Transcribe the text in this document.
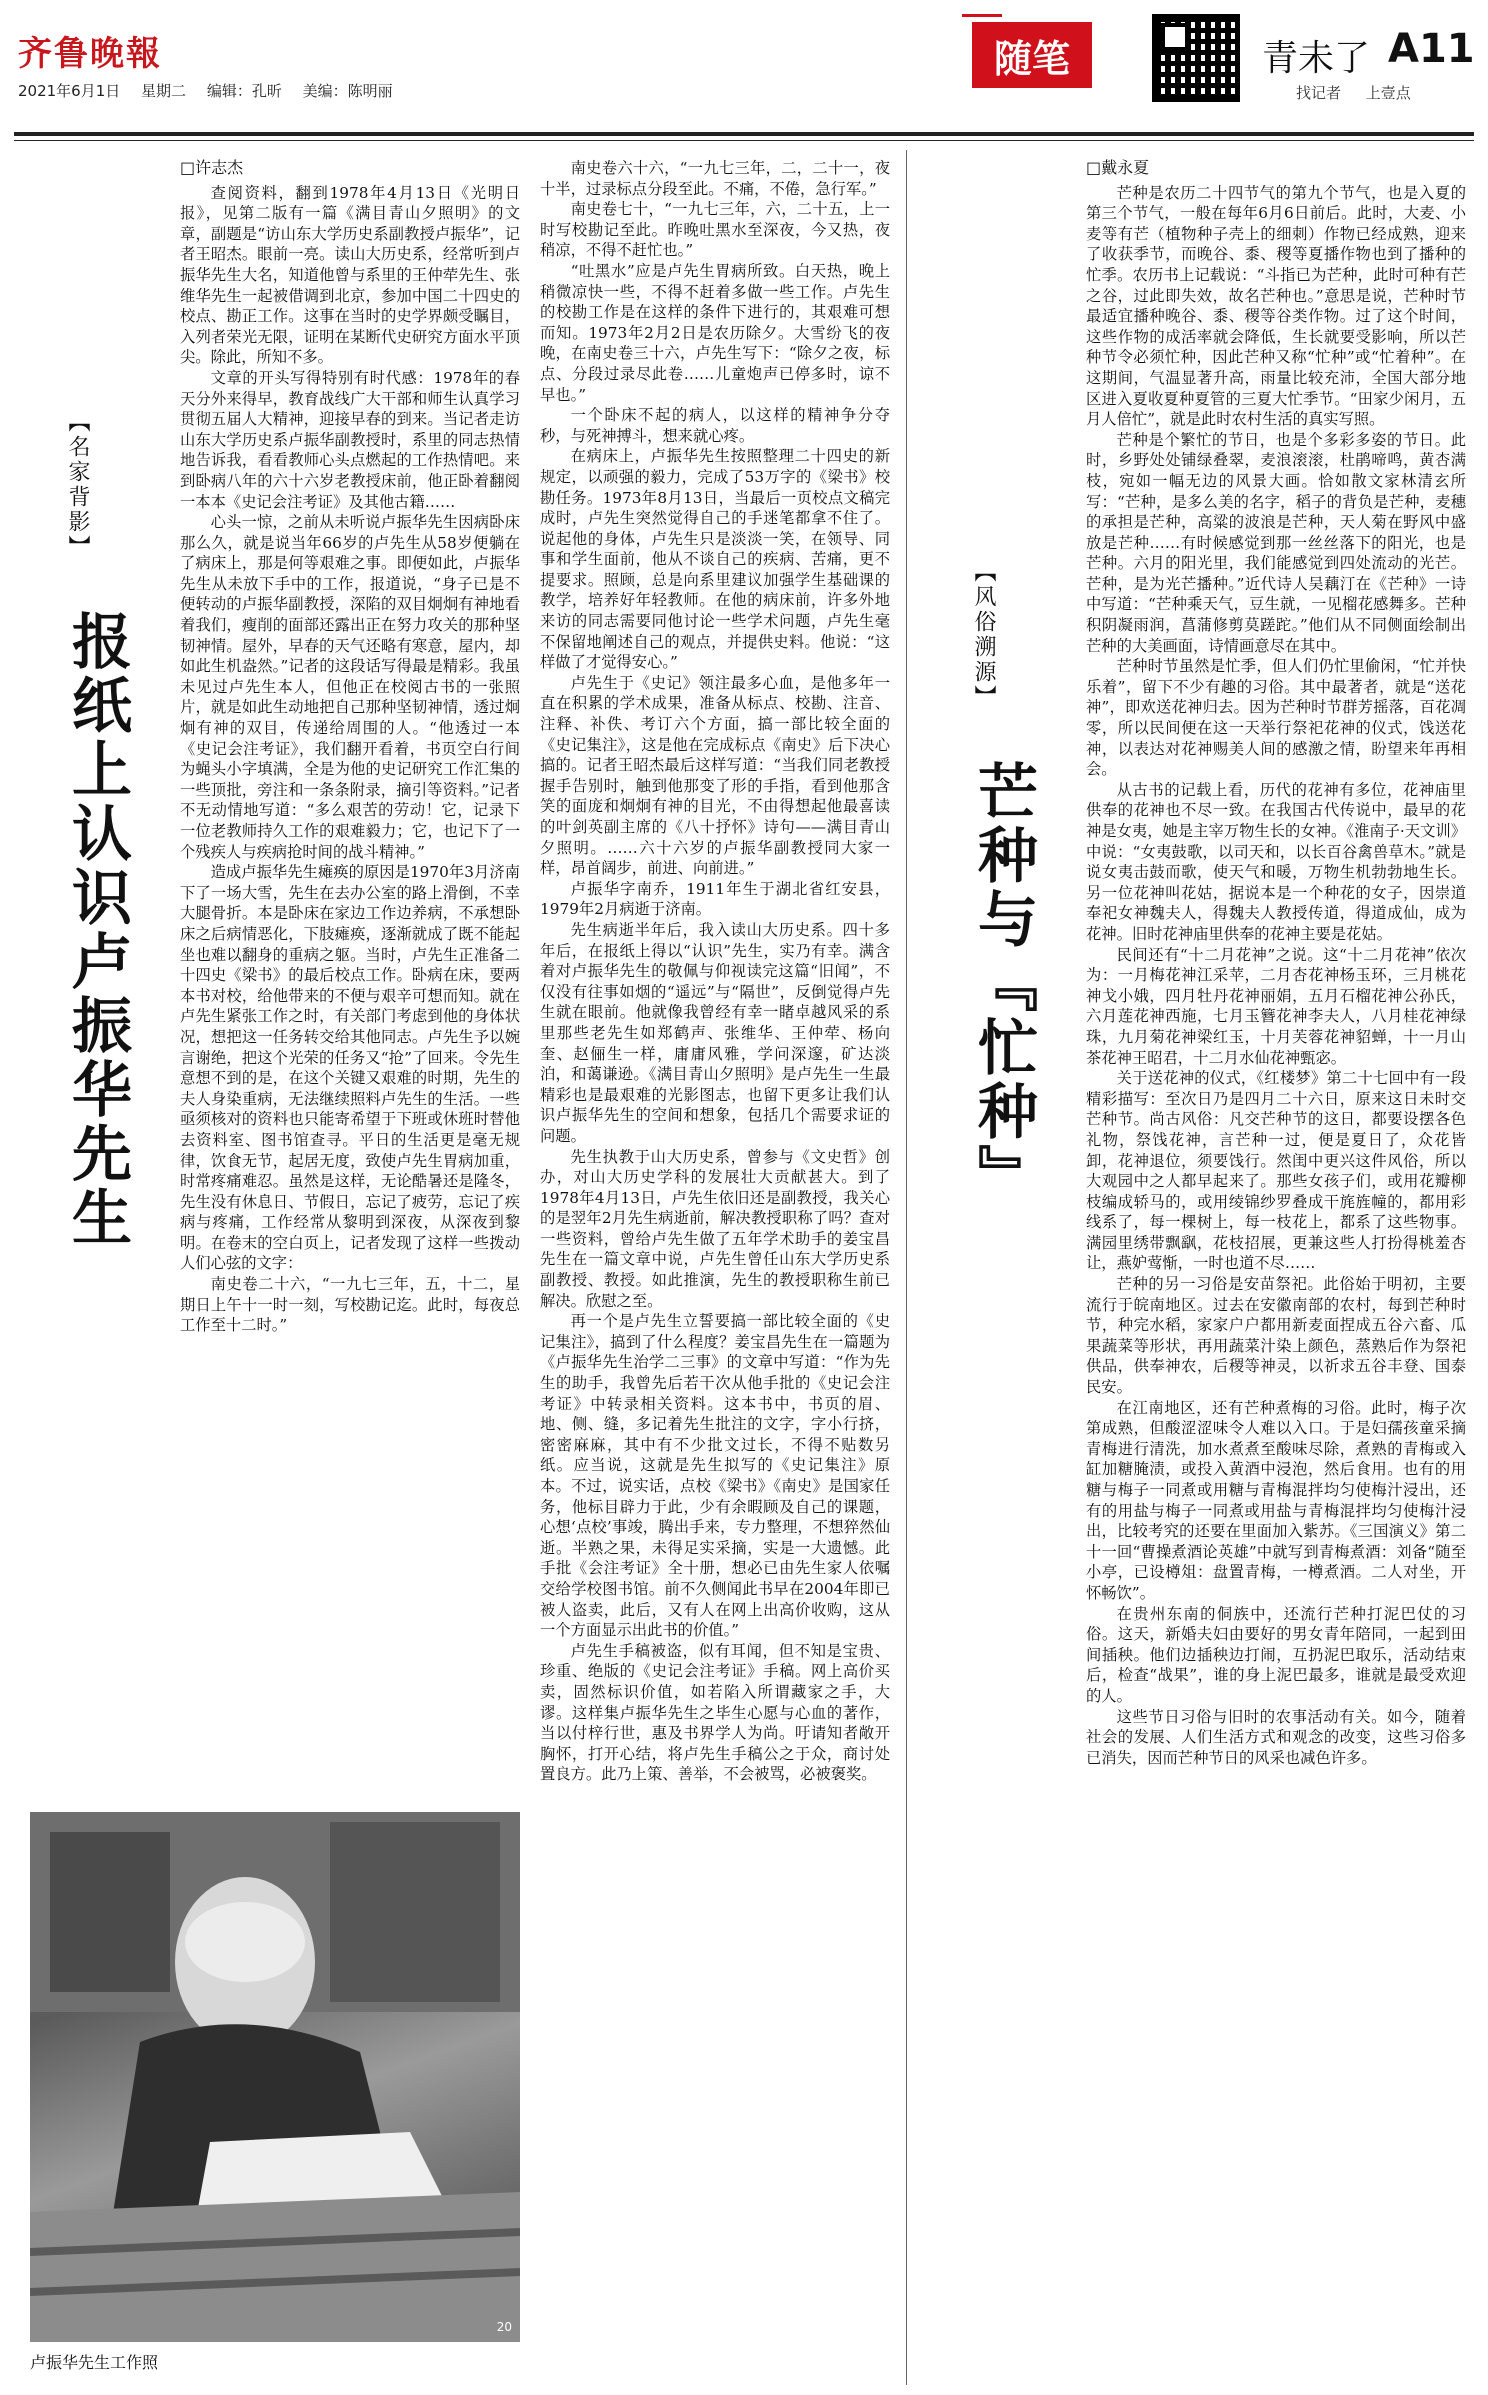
齐鲁晚報
2021年6月1日 星期二 编辑：孔昕 美编：陈明丽
随笔	青未了 A11
找记者 上壹点
【名家背影】
报纸上认识卢振华先生
□许志杰

查阅资料，翻到1978年4月13日《光明日报》，见第二版有一篇《满目青山夕照明》的文章，副题是“访山东大学历史系副教授卢振华”，记者王昭杰。眼前一亮。读山大历史系，经常听到卢振华先生大名，知道他曾与系里的王仲荦先生、张维华先生一起被借调到北京，参加中国二十四史的校点、勘正工作。这事在当时的史学界颇受瞩目，入列者荣光无限，证明在某断代史研究方面水平顶尖。除此，所知不多。

文章的开头写得特别有时代感：1978年的春天分外来得早，教育战线广大干部和师生认真学习贯彻五届人大精神，迎接早春的到来。当记者走访山东大学历史系卢振华副教授时，系里的同志热情地告诉我，看看教师心头点燃起的工作热情吧。来到卧病八年的六十六岁老教授床前，他正卧着翻阅一本本《史记会注考证》及其他古籍……

心头一惊，之前从未听说卢振华先生因病卧床那么久，就是说当年66岁的卢先生从58岁便躺在了病床上，那是何等艰难之事。即便如此，卢振华先生从未放下手中的工作，报道说，“身子已是不便转动的卢振华副教授，深陷的双目炯炯有神地看着我们，瘦削的面部还露出正在努力攻关的那种坚韧神情。屋外，早春的天气还略有寒意，屋内，却如此生机盎然。”记者的这段话写得最是精彩。我虽未见过卢先生本人，但他正在校阅古书的一张照片，就是如此生动地把自己那种坚韧神情，透过炯炯有神的双目，传递给周围的人。“他透过一本《史记会注考证》，我们翻开看着，书页空白行间为蝇头小字填满，全是为他的史记研究工作汇集的一些顶批，旁注和一条条附录，摘引等资料。”记者不无动情地写道：“多么艰苦的劳动！它，记录下一位老教师持久工作的艰难毅力；它，也记下了一个残疾人与疾病抢时间的战斗精神。”

造成卢振华先生瘫痪的原因是1970年3月济南下了一场大雪，先生在去办公室的路上滑倒，不幸大腿骨折。本是卧床在家边工作边养病，不承想卧床之后病情恶化，下肢瘫痪，逐渐就成了既不能起坐也难以翻身的重病之躯。当时，卢先生正准备二十四史《梁书》的最后校点工作。卧病在床，要两本书对校，给他带来的不便与艰辛可想而知。就在卢先生紧张工作之时，有关部门考虑到他的身体状况，想把这一任务转交给其他同志。卢先生予以婉言谢绝，把这个光荣的任务又“抢”了回来。令先生意想不到的是，在这个关键又艰难的时期，先生的夫人身染重病，无法继续照料卢先生的生活。一些亟须核对的资料也只能寄希望于下班或休班时替他去资料室、图书馆查寻。平日的生活更是毫无规律，饮食无节，起居无度，致使卢先生胃病加重，时常疼痛难忍。虽然是这样，无论酷暑还是隆冬，先生没有休息日、节假日，忘记了疲劳，忘记了疾病与疼痛，工作经常从黎明到深夜，从深夜到黎明。在卷末的空白页上，记者发现了这样一些拨动人们心弦的文字：

南史卷二十六，“一九七三年，五，十二，星期日上午十一时一刻，写校勘记迄。此时，每夜总工作至十二时。”

南史卷六十六，“一九七三年，二，二十一，夜十半，过录标点分段至此。不痛，不倦，急行军。”

南史卷七十，“一九七三年，六，二十五，上一时写校勘记至此。昨晚吐黑水至深夜，今又热，夜稍凉，不得不赶忙也。”

“吐黑水”应是卢先生胃病所致。白天热，晚上稍微凉快一些，不得不赶着多做一些工作。卢先生的校勘工作是在这样的条件下进行的，其艰难可想而知。1973年2月2日是农历除夕。大雪纷飞的夜晚，在南史卷三十六，卢先生写下：“除夕之夜，标点、分段过录尽此卷……儿童炮声已停多时，谅不早也。”

一个卧床不起的病人，以这样的精神争分夺秒，与死神搏斗，想来就心疼。

在病床上，卢振华先生按照整理二十四史的新规定，以顽强的毅力，完成了53万字的《梁书》校勘任务。1973年8月13日，当最后一页校点文稿完成时，卢先生突然觉得自己的手迷笔都拿不住了。说起他的身体，卢先生只是淡淡一笑，在领导、同事和学生面前，他从不谈自己的疾病、苦痛，更不提要求。照顾，总是向系里建议加强学生基础课的教学，培养好年轻教师。在他的病床前，许多外地来访的同志需要同他讨论一些学术问题，卢先生毫不保留地阐述自己的观点，并提供史料。他说：“这样做了才觉得安心。”

卢先生于《史记》领注最多心血，是他多年一直在积累的学术成果，准备从标点、校勘、注音、注释、补佚、考订六个方面，搞一部比较全面的《史记集注》，这是他在完成标点《南史》后下决心搞的。记者王昭杰最后这样写道：“当我们同老教授握手告别时，触到他那变了形的手指，看到他那含笑的面庞和炯炯有神的目光，不由得想起他最喜读的叶剑英副主席的《八十抒怀》诗句——满目青山夕照明。……六十六岁的卢振华副教授同大家一样，昂首阔步，前进、向前进。”

卢振华字南乔，1911年生于湖北省红安县，1979年2月病逝于济南。

先生病逝半年后，我入读山大历史系。四十多年后，在报纸上得以“认识”先生，实乃有幸。满含着对卢振华先生的敬佩与仰视读完这篇“旧闻”，不仅没有往事如烟的“遥远”与“隔世”，反倒觉得卢先生就在眼前。他就像我曾经有幸一睹卓越风采的系里那些老先生如郑鹤声、张维华、王仲荦、杨向奎、赵俪生一样，庸庸风雅，学问深邃，矿达淡泊，和蔼谦逊。《满目青山夕照明》是卢先生一生最精彩也是最艰难的光影图志，也留下更多让我们认识卢振华先生的空间和想象，包括几个需要求证的问题。

先生执教于山大历史系，曾参与《文史哲》创办，对山大历史学科的发展壮大贡献甚大。到了1978年4月13日，卢先生依旧还是副教授，我关心的是翌年2月先生病逝前，解决教授职称了吗？查对一些资料，曾给卢先生做了五年学术助手的姜宝昌先生在一篇文章中说，卢先生曾任山东大学历史系副教授、教授。如此推演，先生的教授职称生前已解决。欣慰之至。

再一个是卢先生立誓要搞一部比较全面的《史记集注》，搞到了什么程度？姜宝昌先生在一篇题为《卢振华先生治学二三事》的文章中写道：“作为先生的助手，我曾先后若干次从他手批的《史记会注考证》中转录相关资料。这本书中，书页的眉、地、侧、缝，多记着先生批注的文字，字小行挤，密密麻麻，其中有不少批文过长，不得不贴数另纸。应当说，这就是先生拟写的《史记集注》原本。不过，说实话，点校《梁书》《南史》是国家任务，他标目辟力于此，少有余暇顾及自己的课题，心想‘点校’事竣，腾出手来，专力整理，不想猝然仙逝。半熟之果，未得足实采摘，实是一大遗憾。此手批《会注考证》全十册，想必已由先生家人依嘱交给学校图书馆。前不久侧闻此书早在2004年即已被人盗卖，此后，又有人在网上出高价收购，这从一个方面显示出此书的价值。”

卢先生手稿被盗，似有耳闻，但不知是宝贵、珍重、绝版的《史记会注考证》手稿。网上高价买卖，固然标识价值，如若陷入所谓藏家之手，大谬。这样集卢振华先生之毕生心愿与心血的著作，当以付梓行世，惠及书界学人为尚。吁请知者敞开胸怀，打开心结，将卢先生手稿公之于众，商讨处置良方。此乃上策、善举，不会被骂，必被褒奖。

20
卢振华先生工作照
【风俗溯源】
芒种与『忙种』
□戴永夏

芒种是农历二十四节气的第九个节气，也是入夏的第三个节气，一般在每年6月6日前后。此时，大麦、小麦等有芒（植物种子壳上的细刺）作物已经成熟，迎来了收获季节，而晚谷、黍、稷等夏播作物也到了播种的忙季。农历书上记载说：“斗指已为芒种，此时可种有芒之谷，过此即失效，故名芒种也。”意思是说，芒种时节最适宜播种晚谷、黍、稷等谷类作物。过了这个时间，这些作物的成活率就会降低，生长就要受影响，所以芒种节令必须忙种，因此芒种又称“忙种”或“忙着种”。在这期间，气温显著升高，雨量比较充沛，全国大部分地区进入夏收夏种夏管的三夏大忙季节。“田家少闲月，五月人倍忙”，就是此时农村生活的真实写照。

芒种是个繁忙的节日，也是个多彩多姿的节日。此时，乡野处处铺绿叠翠，麦浪滚滚，杜鹃啼鸣，黄杏满枝，宛如一幅无边的风景大画。恰如散文家林清玄所写：“芒种，是多么美的名字，稻子的背负是芒种，麦穗的承担是芒种，高粱的波浪是芒种，天人菊在野风中盛放是芒种……有时候感觉到那一丝丝落下的阳光，也是芒种。六月的阳光里，我们能感觉到四处流动的光芒。芒种，是为光芒播种。”近代诗人吴藕汀在《芒种》一诗中写道：“芒种乘天气，豆生就，一见榴花感舞多。芒种积阴凝雨润，菖蒲修剪莫蹉跎。”他们从不同侧面绘制出芒种的大美画面，诗情画意尽在其中。

芒种时节虽然是忙季，但人们仍忙里偷闲，“忙并快乐着”，留下不少有趣的习俗。其中最著者，就是“送花神”，即欢送花神归去。因为芒种时节群芳摇落，百花凋零，所以民间便在这一天举行祭祀花神的仪式，饯送花神，以表达对花神赐美人间的感激之情，盼望来年再相会。

从古书的记载上看，历代的花神有多位，花神庙里供奉的花神也不尽一致。在我国古代传说中，最早的花神是女夷，她是主宰万物生长的女神。《淮南子·天文训》中说：“女夷鼓歌，以司天和，以长百谷禽兽草木。”就是说女夷击鼓而歌，使天气和暖，万物生机勃勃地生长。另一位花神叫花姑，据说本是一个种花的女子，因崇道奉祀女神魏夫人，得魏夫人教授传道，得道成仙，成为花神。旧时花神庙里供奉的花神主要是花姑。

民间还有“十二月花神”之说。这“十二月花神”依次为：一月梅花神江采苹，二月杏花神杨玉环，三月桃花神戈小娥，四月牡丹花神丽娟，五月石榴花神公孙氏，六月莲花神西施，七月玉簪花神李夫人，八月桂花神绿珠，九月菊花神梁红玉，十月芙蓉花神貂蝉，十一月山茶花神王昭君，十二月水仙花神甄宓。

关于送花神的仪式，《红楼梦》第二十七回中有一段精彩描写：至次日乃是四月二十六日，原来这日未时交芒种节。尚古风俗：凡交芒种节的这日，都要设摆各色礼物，祭饯花神，言芒种一过，便是夏日了，众花皆卸，花神退位，须要饯行。然闺中更兴这件风俗，所以大观园中之人都早起来了。那些女孩子们，或用花瓣柳枝编成轿马的，或用绫锦纱罗叠成干旄旌幢的，都用彩线系了，每一棵树上，每一枝花上，都系了这些物事。满园里绣带飘飖，花枝招展，更兼这些人打扮得桃羞杏让，燕妒莺惭，一时也道不尽……

芒种的另一习俗是安苗祭祀。此俗始于明初，主要流行于皖南地区。过去在安徽南部的农村，每到芒种时节，种完水稻，家家户户都用新麦面捏成五谷六畜、瓜果蔬菜等形状，再用蔬菜汁染上颜色，蒸熟后作为祭祀供品，供奉神农，后稷等神灵，以祈求五谷丰登、国泰民安。

在江南地区，还有芒种煮梅的习俗。此时，梅子次第成熟，但酸涩涩味令人难以入口。于是妇孺孩童采摘青梅进行清洗，加水煮煮至酸味尽除，煮熟的青梅或入缸加糖腌渍，或投入黄酒中浸泡，然后食用。也有的用糖与梅子一同煮或用糖与青梅混拌均匀使梅汁浸出，还有的用盐与梅子一同煮或用盐与青梅混拌均匀使梅汁浸出，比较考究的还要在里面加入紫苏。《三国演义》第二十一回“曹操煮酒论英雄”中就写到青梅煮酒：刘备“随至小亭，已设樽俎：盘置青梅，一樽煮酒。二人对坐，开怀畅饮”。

在贵州东南的侗族中，还流行芒种打泥巴仗的习俗。这天，新婚夫妇由要好的男女青年陪同，一起到田间插秧。他们边插秧边打闹，互扔泥巴取乐，活动结束后，检查“战果”，谁的身上泥巴最多，谁就是最受欢迎的人。

这些节日习俗与旧时的农事活动有关。如今，随着社会的发展、人们生活方式和观念的改变，这些习俗多已消失，因而芒种节日的风采也减色许多。
